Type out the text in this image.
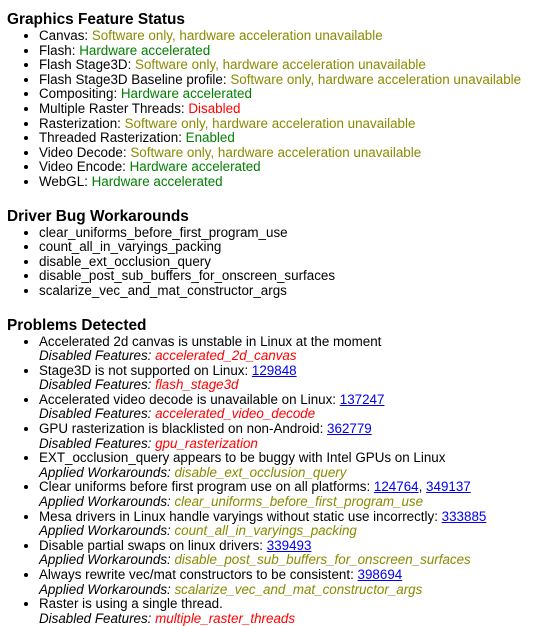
Graphics Feature Status
• Canvas: Software only, hardware acceleration unavailable
• Flash: Hardware accelerated
• Flash Stage3D: Software only, hardware acceleration unavailable
• Flash Stage3D Baseline profile: Software only, hardware acceleration unavailable
• Compositing: Hardware accelerated
• Multiple Raster Threads: Disabled
• Rasterization: Software only, hardware acceleration unavailable
• Threaded Rasterization: Enabled
• Video Decode: Software only, hardware acceleration unavailable
• Video Encode: Hardware accelerated
• WebGL: Hardware accelerated
Driver Bug Workarounds
• clear_uniforms_before_first_program_use
• count_all_in_varyings_packing
• disable_ext_occlusion_query
• disable_post_sub_buffers_for_onscreen_surfaces
• scalarize_vec_and_mat_constructor_args
Problems Detected
• Accelerated 2d canvas is unstable in Linux at the moment
Disabled Features: accelerated_2d_canvas
• Stage3D is not supported on Linux: 129848
Disabled Features: flash_stage3d
• Accelerated video decode is unavailable on Linux: 137247
Disabled Features: accelerated_video_decode
• GPU rasterization is blacklisted on non-Android: 362779
Disabled Features: gpu_rasterization
• EXT_occlusion_query appears to be buggy with Intel GPUs on Linux
Applied Workarounds: disable_ext_occlusion_query
• Clear uniforms before first program use on all platforms: 124764, 349137
Applied Workarounds: clear_uniforms_before_first_program_use
• Mesa drivers in Linux handle varyings without static use incorrectly: 333885
Applied Workarounds: count_all_in_varyings_packing
• Disable partial swaps on linux drivers: 339493
Applied Workarounds: disable_post_sub_buffers_for_onscreen_surfaces
• Always rewrite vec/mat constructors to be consistent: 398694
Applied Workarounds: scalarize_vec_and_mat_constructor_args
• Raster is using a single thread.
Disabled Features: multiple_raster_threads
